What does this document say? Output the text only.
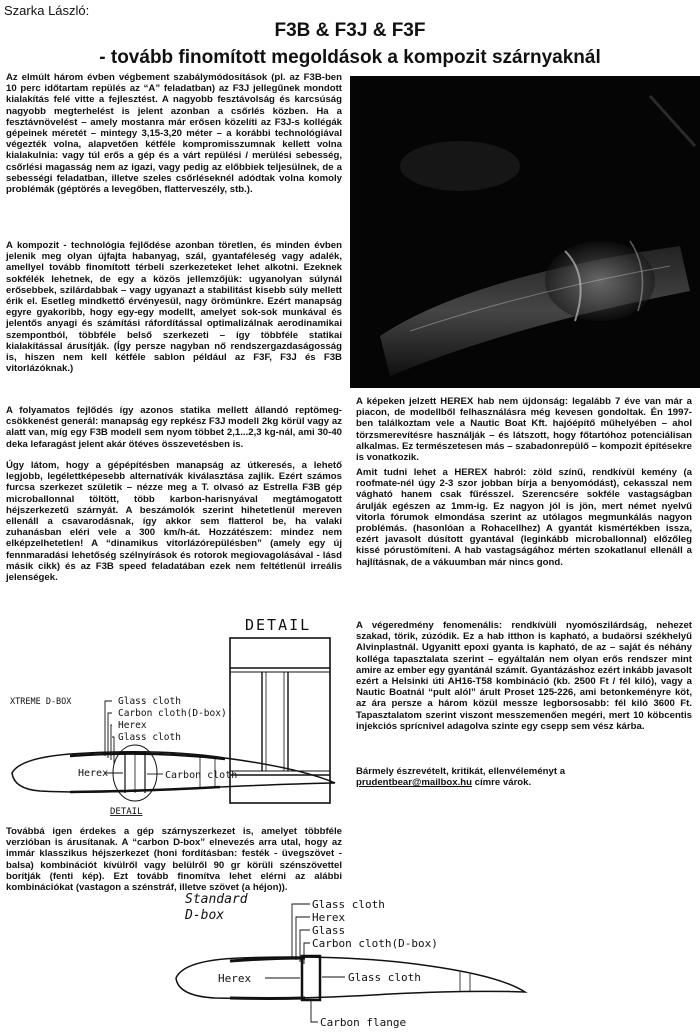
Szarka László:
F3B & F3J & F3F
- tovább finomított megoldások a kompozit szárnyaknál

Az elmúlt három évben végbement szabálymódosítások (pl. az F3B-ben 10 perc időtartam repülés az “A” feladatban) az F3J jellegűnek mondott kialakítás felé vitte a fejlesztést. A nagyobb fesztávolság és karcsúság nagyobb megterhelést is jelent azonban a csőrlés közben. Ha a fesztávnövelést – amely mostanra már erősen közelíti az F3J-s kollégák gépeinek méretét – mintegy 3,15-3,20 méter – a korábbi technológiával végezték volna, alapvetően kétféle kompromisszumnak kellett volna kialakulnia: vagy túl erős a gép és a várt repülési / merülési sebesség, csőrlési magasság nem az igazi, vagy pedig az előbbiek teljesülnek, de a sebességi feladatban, illetve szeles csőrléseknél adódtak volna komoly problémák (géptörés a levegőben, flatterveszély, stb.).

A kompozit - technológia fejlődése azonban töretlen, és minden évben jelenik meg olyan újfajta habanyag, szál, gyantaféleség vagy adalék, amellyel tovább finomított térbeli szerkezeteket lehet alkotni. Ezeknek sokfélék lehetnek, de egy a közös jellemzőjük: ugyanolyan súlynál erősebbek, szilárdabbak – vagy ugyanazt a stabilitást kisebb súly mellett érik el. Esetleg mindkettő érvényesül, nagy örömünkre. Ezért manapság egyre gyakoribb, hogy egy-egy modellt, amelyet sok-sok munkával és jelentős anyagi és számítási ráfordítással optimalizálnak aerodinamikai szempontból, többféle belső szerkezeti – így többféle statikai kialakítással árusítják. (Így persze nagyban nő rendszergazdaságosság is, hiszen nem kell kétféle sablon például az F3F, F3J és F3B vitorlázóknak.)

A folyamatos fejlődés így azonos statika mellett állandó reptömeg-csökkenést generál: manapság egy repkész F3J modell 2kg körül vagy az alatt van, míg egy F3B modell sem nyom többet 2,1...2,3 kg-nál, ami 30-40 deka lefaragást jelent akár ötéves összevetésben is.

Úgy látom, hogy a gépépítésben manapság az útkeresés, a lehető legjobb, legélettképesebb alternatívák kiválasztása zajlik. Ezért számos furcsa szerkezet születik – nézze meg a T. olvasó az Estrella F3B gép microballonnal töltött, több karbon-harisnyával megtámogatott héjszerkezetű szárnyát. A beszámolók szerint hihetetlenül mereven ellenáll a csavarodásnak, így akkor sem flatterol be, ha valaki zuhanásban eléri vele a 300 km/h-át. Hozzátészem: mindez nem elképzelhetetlen! A “dinamikus vitorlázórepülésben” (amely egy új fennmaradási lehetőség szélnyírások és rotorok megiovagolásával - lásd másik cikk) és az F3B speed feladatában ezek nem feltétlenül irreális jelenségek.

A képeken jelzett HEREX hab nem újdonság: legalább 7 éve van már a piacon, de modellből felhasználásra még kevesen gondoltak. Én 1997-ben találkoztam vele a Nautic Boat Kft. hajóépítő műhelyében – ahol törzsmerevítésre használják – és látszott, hogy főtartóhoz potenciálisan alkalmas. Ez természetesen más – szabadonrepülő – kompozit építésekre is vonatkozik.

Amit tudni lehet a HEREX habról: zöld színű, rendkívül kemény (a roofmate-nél úgy 2-3 szor jobban bírja a benyomódást), cekasszal nem vágható hanem csak fűrésszel. Szerencsére sokféle vastagságban árulják egészen az 1mm-ig. Ez nagyon jól is jön, mert német nyelvű vitorla fórumok elmondása szerint az utólagos megmunkálás nagyon problémás. (hasonlóan a Rohacellhez) A gyantát kismértékben issza, ezért javasolt dúsított gyantával (leginkább microballonnal) előzőleg kissé pórustömíteni. A hab vastagságához mérten szokatlanul ellenáll a hajlításnak, de a vákuumban már nincs gond.

A végeredmény fenomenális: rendkívüli nyomószilárdság, nehezet szakad, törik, zúzódik. Ez a hab itthon is kapható, a budaörsi székhelyű Alvinplastnál. Ugyanitt epoxi gyanta is kapható, de az – saját és néhány kolléga tapasztalata szerint – egyáltalán nem olyan erős rendszer mint amire az ember egy gyantánál számít. Gyantázáshoz ezért inkább javasolt ezért a Helsinki úti AH16-T58 kombináció (kb. 2500 Ft / fél kiló), vagy a Nautic Boatnál “pult alól” árult Proset 125-226, ami betonkeményre köt, az ára persze a három közül messze legborsosabb: fél kiló 3600 Ft. Tapasztalatom szerint viszont messzemenően megéri, mert 10 köbcentis injekciós sprícnivel adagolva szinte egy csepp sem vész kárba.

Bármely észrevételt, kritikát, ellenvéleményt a
prudentbear@mailbox.hu címre várok.

DETAIL
XTREME D-BOX	Glass cloth
Carbon cloth(D-box)
Herex
Glass cloth
Herex	Carbon cloth
DETAIL

Továbbá igen érdekes a gép szárnyszerkezet is, amelyet többféle verzióban is árusítanak. A “carbon D-box” elnevezés arra utal, hogy az immár klasszikus héjszerkezet (honi fordításban: festék - üvegszövet - balsa) kombinációt kívülről vagy belülről 90 gr körüli szénszövettel borítják (fenti kép). Ezt tovább finomítva lehet elérni az alábbi kombinációkat (vastagon a szénstráf, illetve szövet (a héjon)).

Standard
D-box
Glass cloth
Herex
Glass
Carbon cloth(D-box)
Herex	Glass cloth
Carbon flange
